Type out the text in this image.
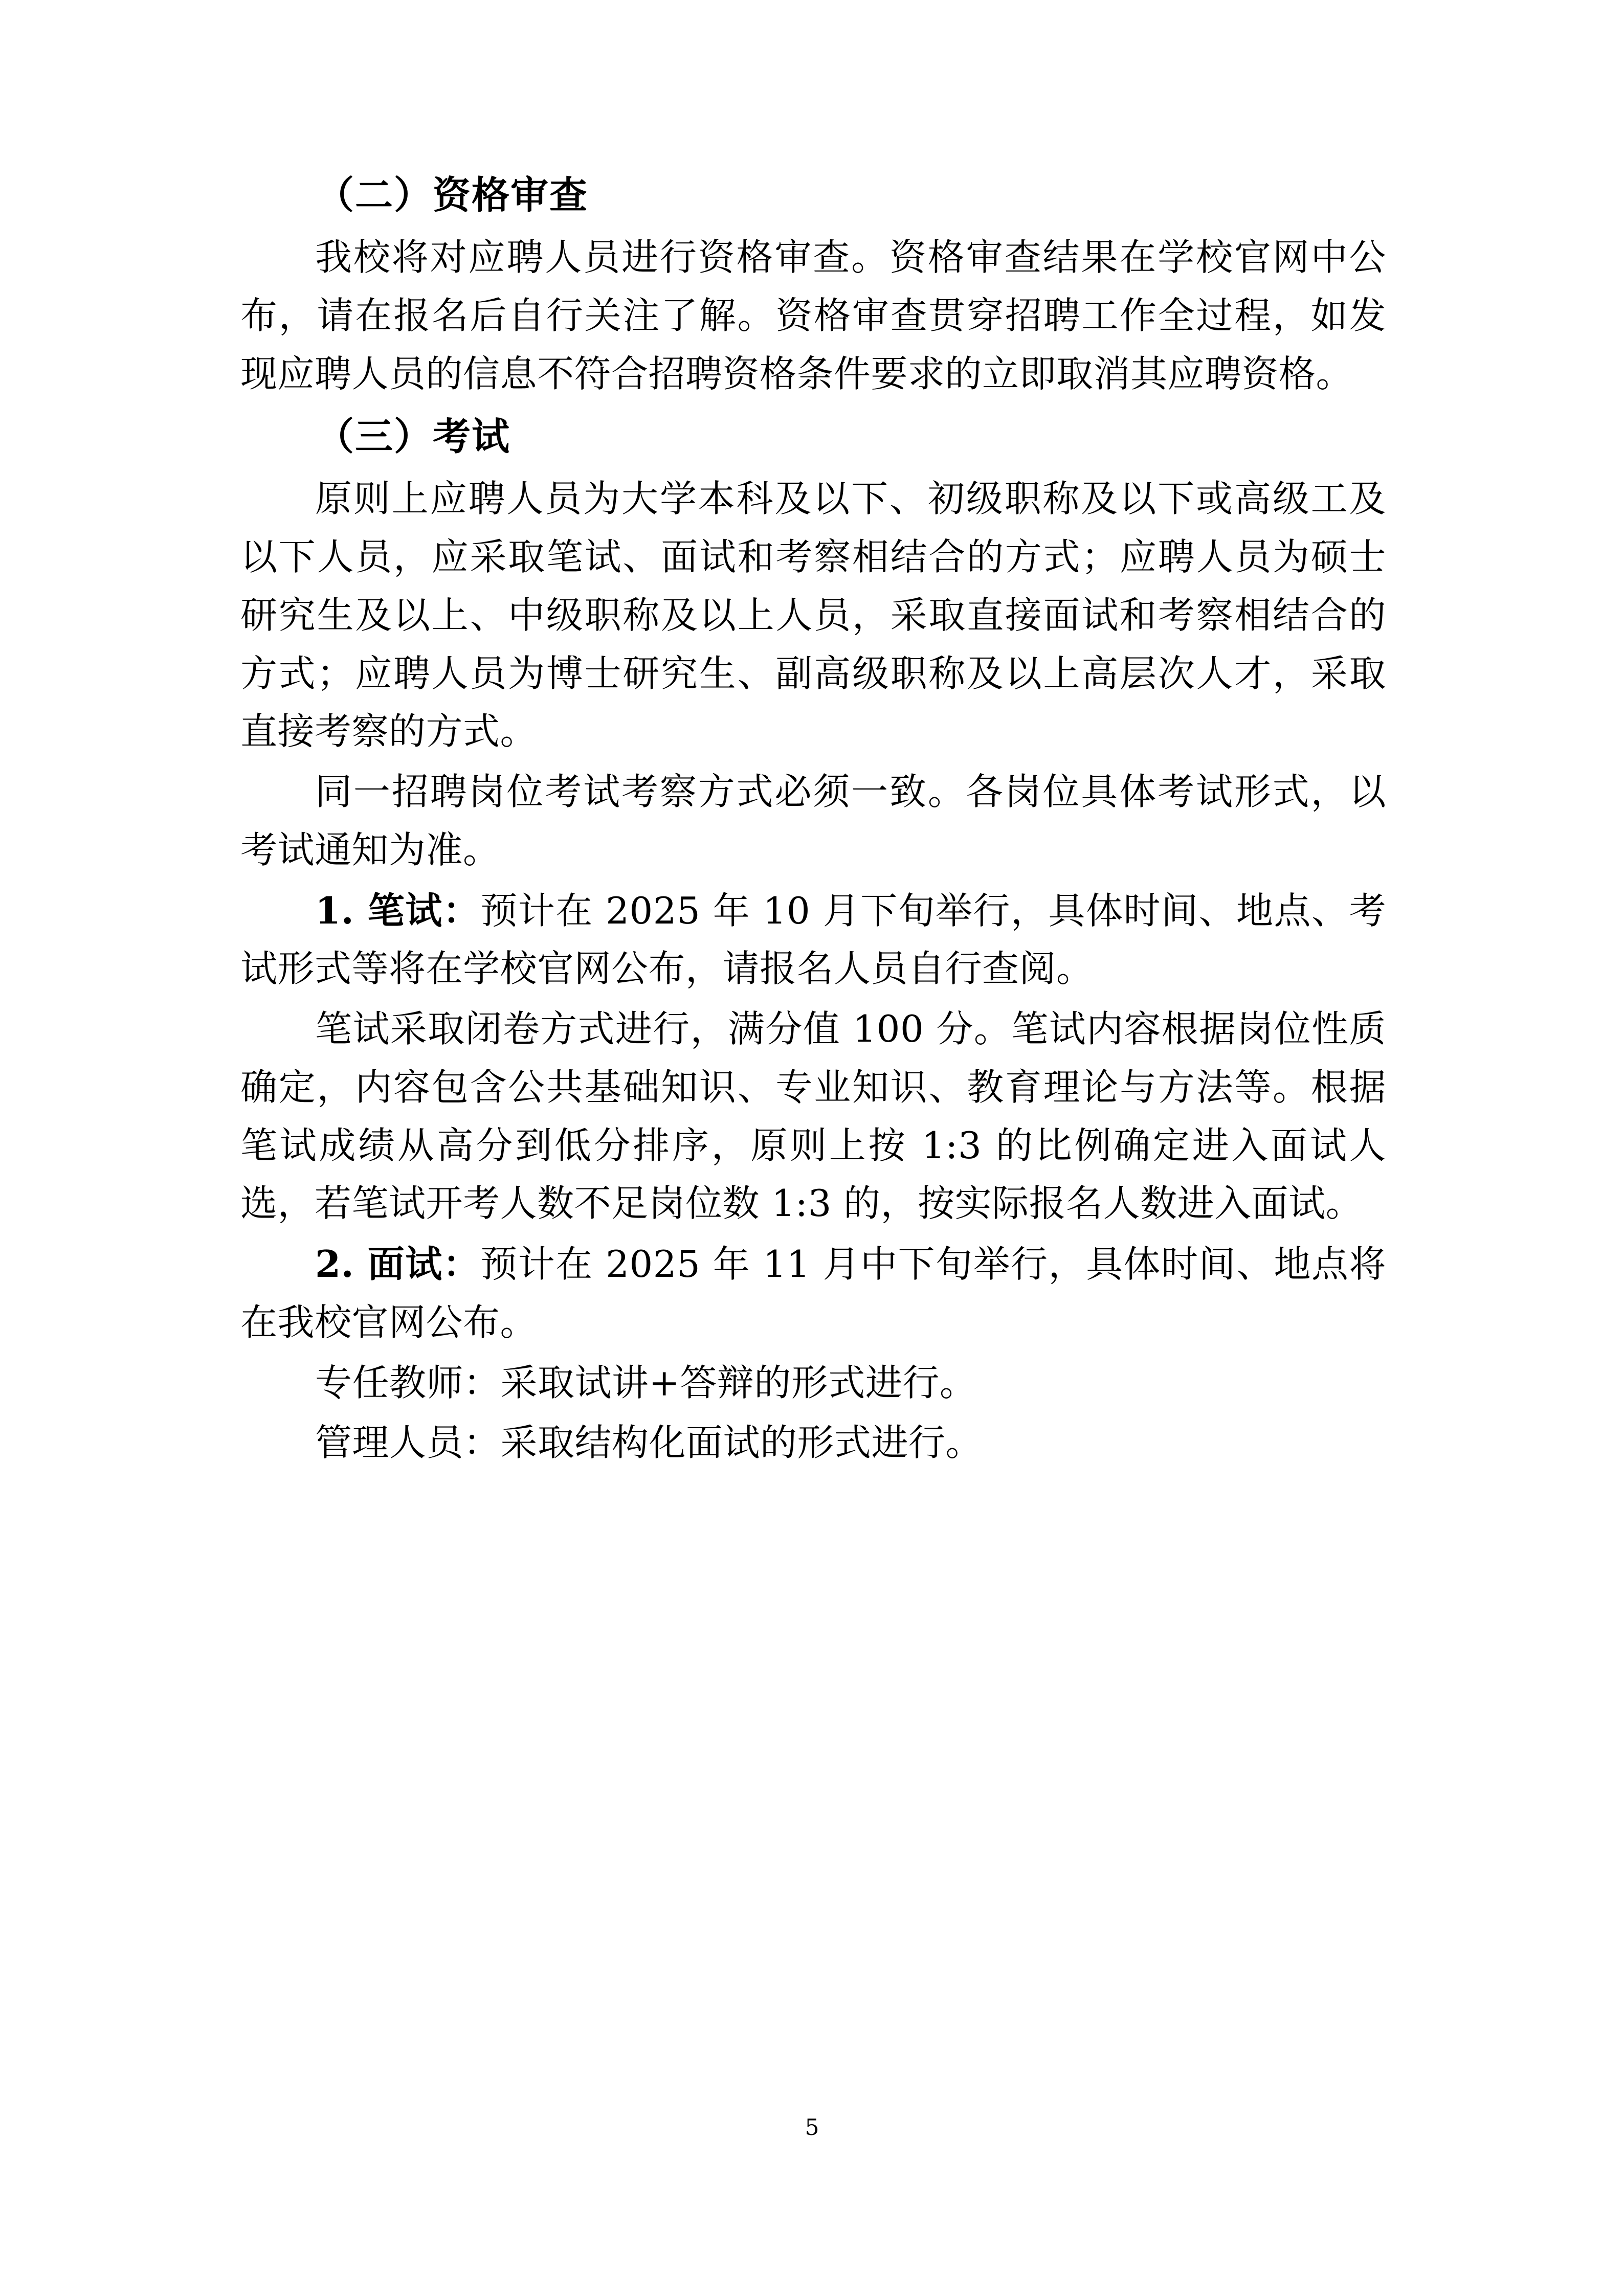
（二）资格审查
我校将对应聘人员进行资格审查。资格审查结果在学校官网中公布，请在报名后自行关注了解。资格审查贯穿招聘工作全过程，如发现应聘人员的信息不符合招聘资格条件要求的立即取消其应聘资格。
（三）考试
原则上应聘人员为大学本科及以下、初级职称及以下或高级工及以下人员，应采取笔试、面试和考察相结合的方式；应聘人员为硕士研究生及以上、中级职称及以上人员，采取直接面试和考察相结合的方式；应聘人员为博士研究生、副高级职称及以上高层次人才，采取直接考察的方式。
同一招聘岗位考试考察方式必须一致。各岗位具体考试形式，以考试通知为准。
1. 笔试：预计在 2025 年 10 月下旬举行，具体时间、地点、考试形式等将在学校官网公布，请报名人员自行查阅。
笔试采取闭卷方式进行，满分值 100 分。笔试内容根据岗位性质确定，内容包含公共基础知识、专业知识、教育理论与方法等。根据笔试成绩从高分到低分排序，原则上按 1:3 的比例确定进入面试人选，若笔试开考人数不足岗位数 1:3 的，按实际报名人数进入面试。
2. 面试：预计在 2025 年 11 月中下旬举行，具体时间、地点将在我校官网公布。
专任教师：采取试讲+答辩的形式进行。
管理人员：采取结构化面试的形式进行。
5
